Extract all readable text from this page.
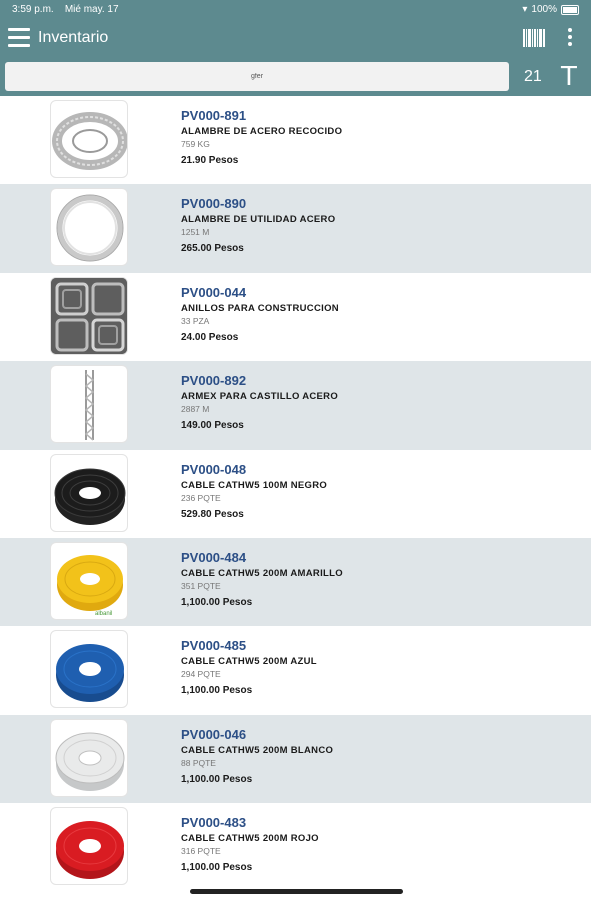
3:59 p.m. Mié may. 17	▾ 100%
Inventario
gfer
21 T
PV000-891
ALAMBRE DE ACERO RECOCIDO
759 KG
21.90 Pesos
PV000-890
ALAMBRE DE UTILIDAD ACERO
1251 M
265.00 Pesos
PV000-044
ANILLOS PARA CONSTRUCCION
33 PZA
24.00 Pesos
PV000-892
ARMEX PARA CASTILLO ACERO
2887 M
149.00 Pesos
PV000-048
CABLE CATHW5 100M NEGRO
236 PQTE
529.80 Pesos
albanil
PV000-484
CABLE CATHW5 200M AMARILLO
351 PQTE
1,100.00 Pesos
PV000-485
CABLE CATHW5 200M AZUL
294 PQTE
1,100.00 Pesos
PV000-046
CABLE CATHW5 200M BLANCO
88 PQTE
1,100.00 Pesos
PV000-483
CABLE CATHW5 200M ROJO
316 PQTE
1,100.00 Pesos
